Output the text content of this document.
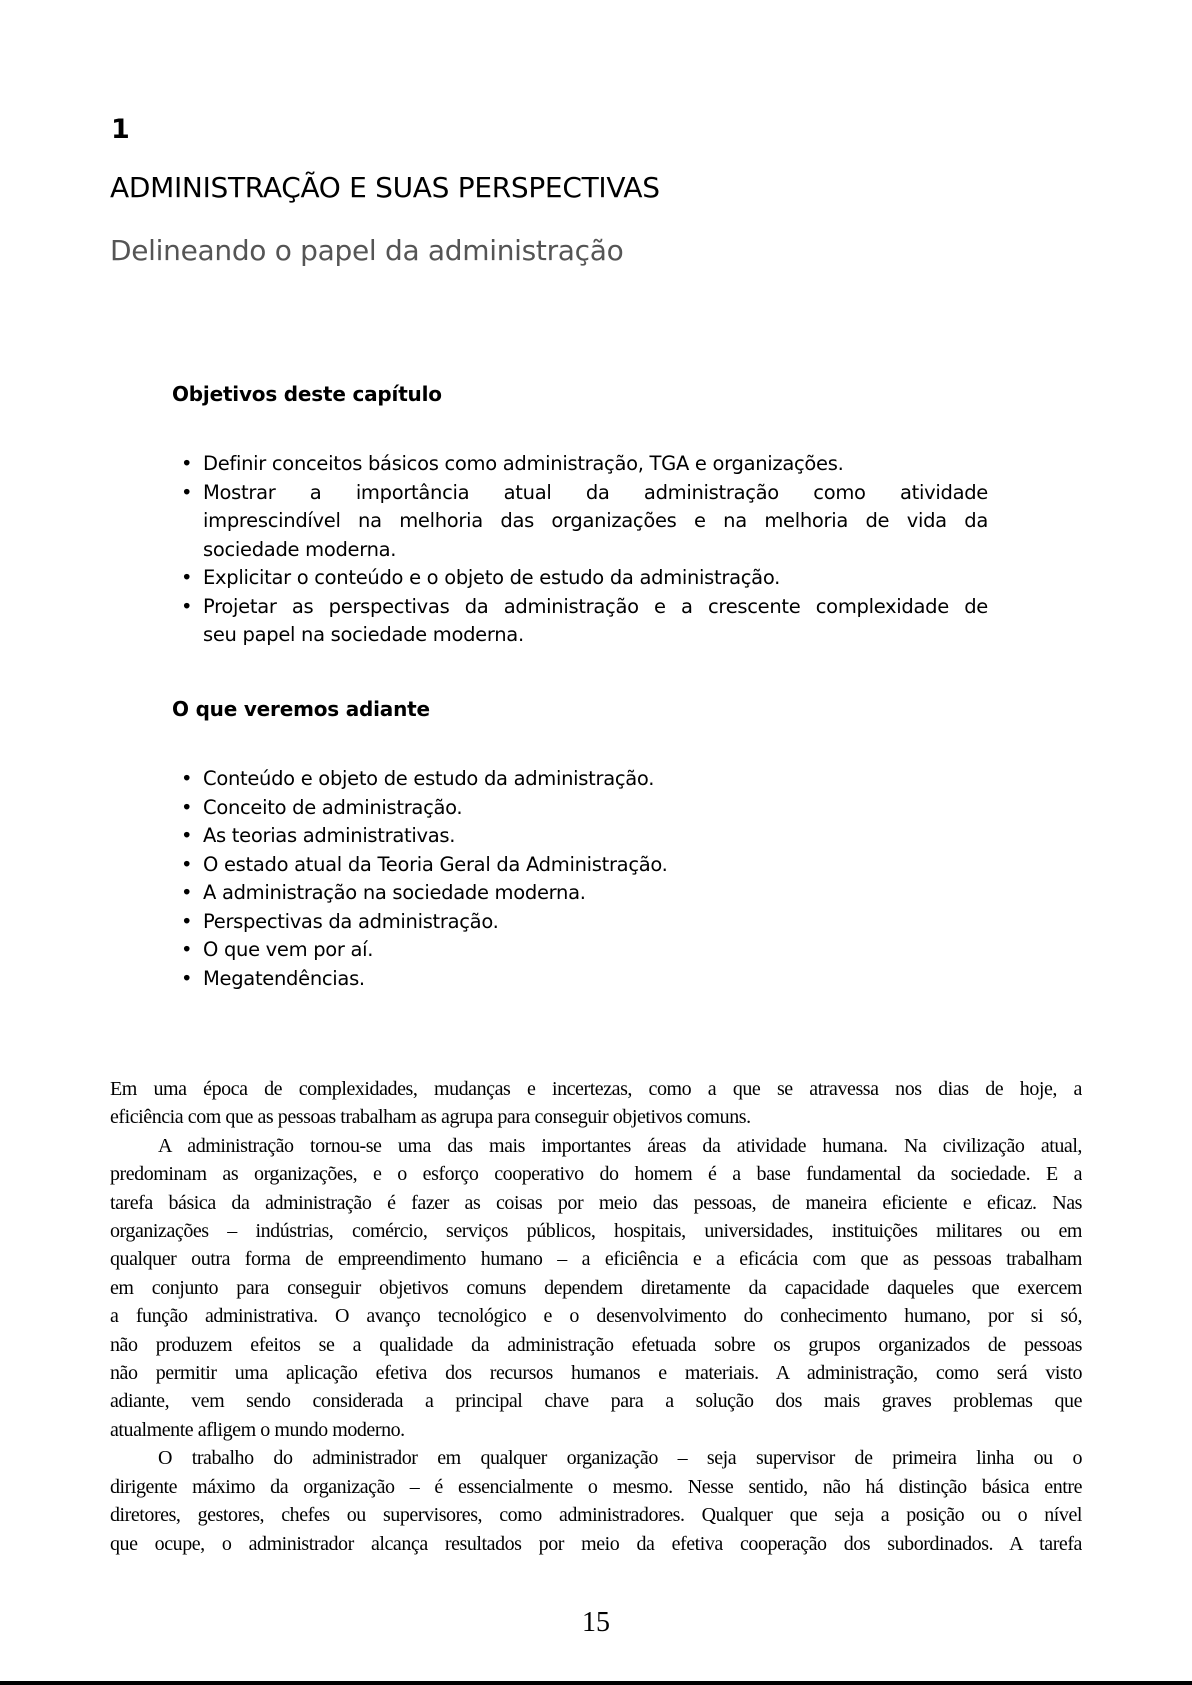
1
ADMINISTRAÇÃO E SUAS PERSPECTIVAS
Delineando o papel da administração
Objetivos deste capítulo
• Definir conceitos básicos como administração, TGA e organizações.
• Mostrar a importância atual da administração como atividade
imprescindível na melhoria das organizações e na melhoria de vida da
sociedade moderna.
• Explicitar o conteúdo e o objeto de estudo da administração.
• Projetar as perspectivas da administração e a crescente complexidade de
seu papel na sociedade moderna.
O que veremos adiante
• Conteúdo e objeto de estudo da administração.
• Conceito de administração.
• As teorias administrativas.
• O estado atual da Teoria Geral da Administração.
• A administração na sociedade moderna.
• Perspectivas da administração.
• O que vem por aí.
• Megatendências.
Em uma época de complexidades, mudanças e incertezas, como a que se atravessa nos dias de hoje, a
eficiência com que as pessoas trabalham as agrupa para conseguir objetivos comuns.
A administração tornou-se uma das mais importantes áreas da atividade humana. Na civilização atual,
predominam as organizações, e o esforço cooperativo do homem é a base fundamental da sociedade. E a
tarefa básica da administração é fazer as coisas por meio das pessoas, de maneira eficiente e eficaz. Nas
organizações – indústrias, comércio, serviços públicos, hospitais, universidades, instituições militares ou em
qualquer outra forma de empreendimento humano – a eficiência e a eficácia com que as pessoas trabalham
em conjunto para conseguir objetivos comuns dependem diretamente da capacidade daqueles que exercem
a função administrativa. O avanço tecnológico e o desenvolvimento do conhecimento humano, por si só,
não produzem efeitos se a qualidade da administração efetuada sobre os grupos organizados de pessoas
não permitir uma aplicação efetiva dos recursos humanos e materiais. A administração, como será visto
adiante, vem sendo considerada a principal chave para a solução dos mais graves problemas que
atualmente afligem o mundo moderno.
O trabalho do administrador em qualquer organização – seja supervisor de primeira linha ou o
dirigente máximo da organização – é essencialmente o mesmo. Nesse sentido, não há distinção básica entre
diretores, gestores, chefes ou supervisores, como administradores. Qualquer que seja a posição ou o nível
que ocupe, o administrador alcança resultados por meio da efetiva cooperação dos subordinados. A tarefa
15
